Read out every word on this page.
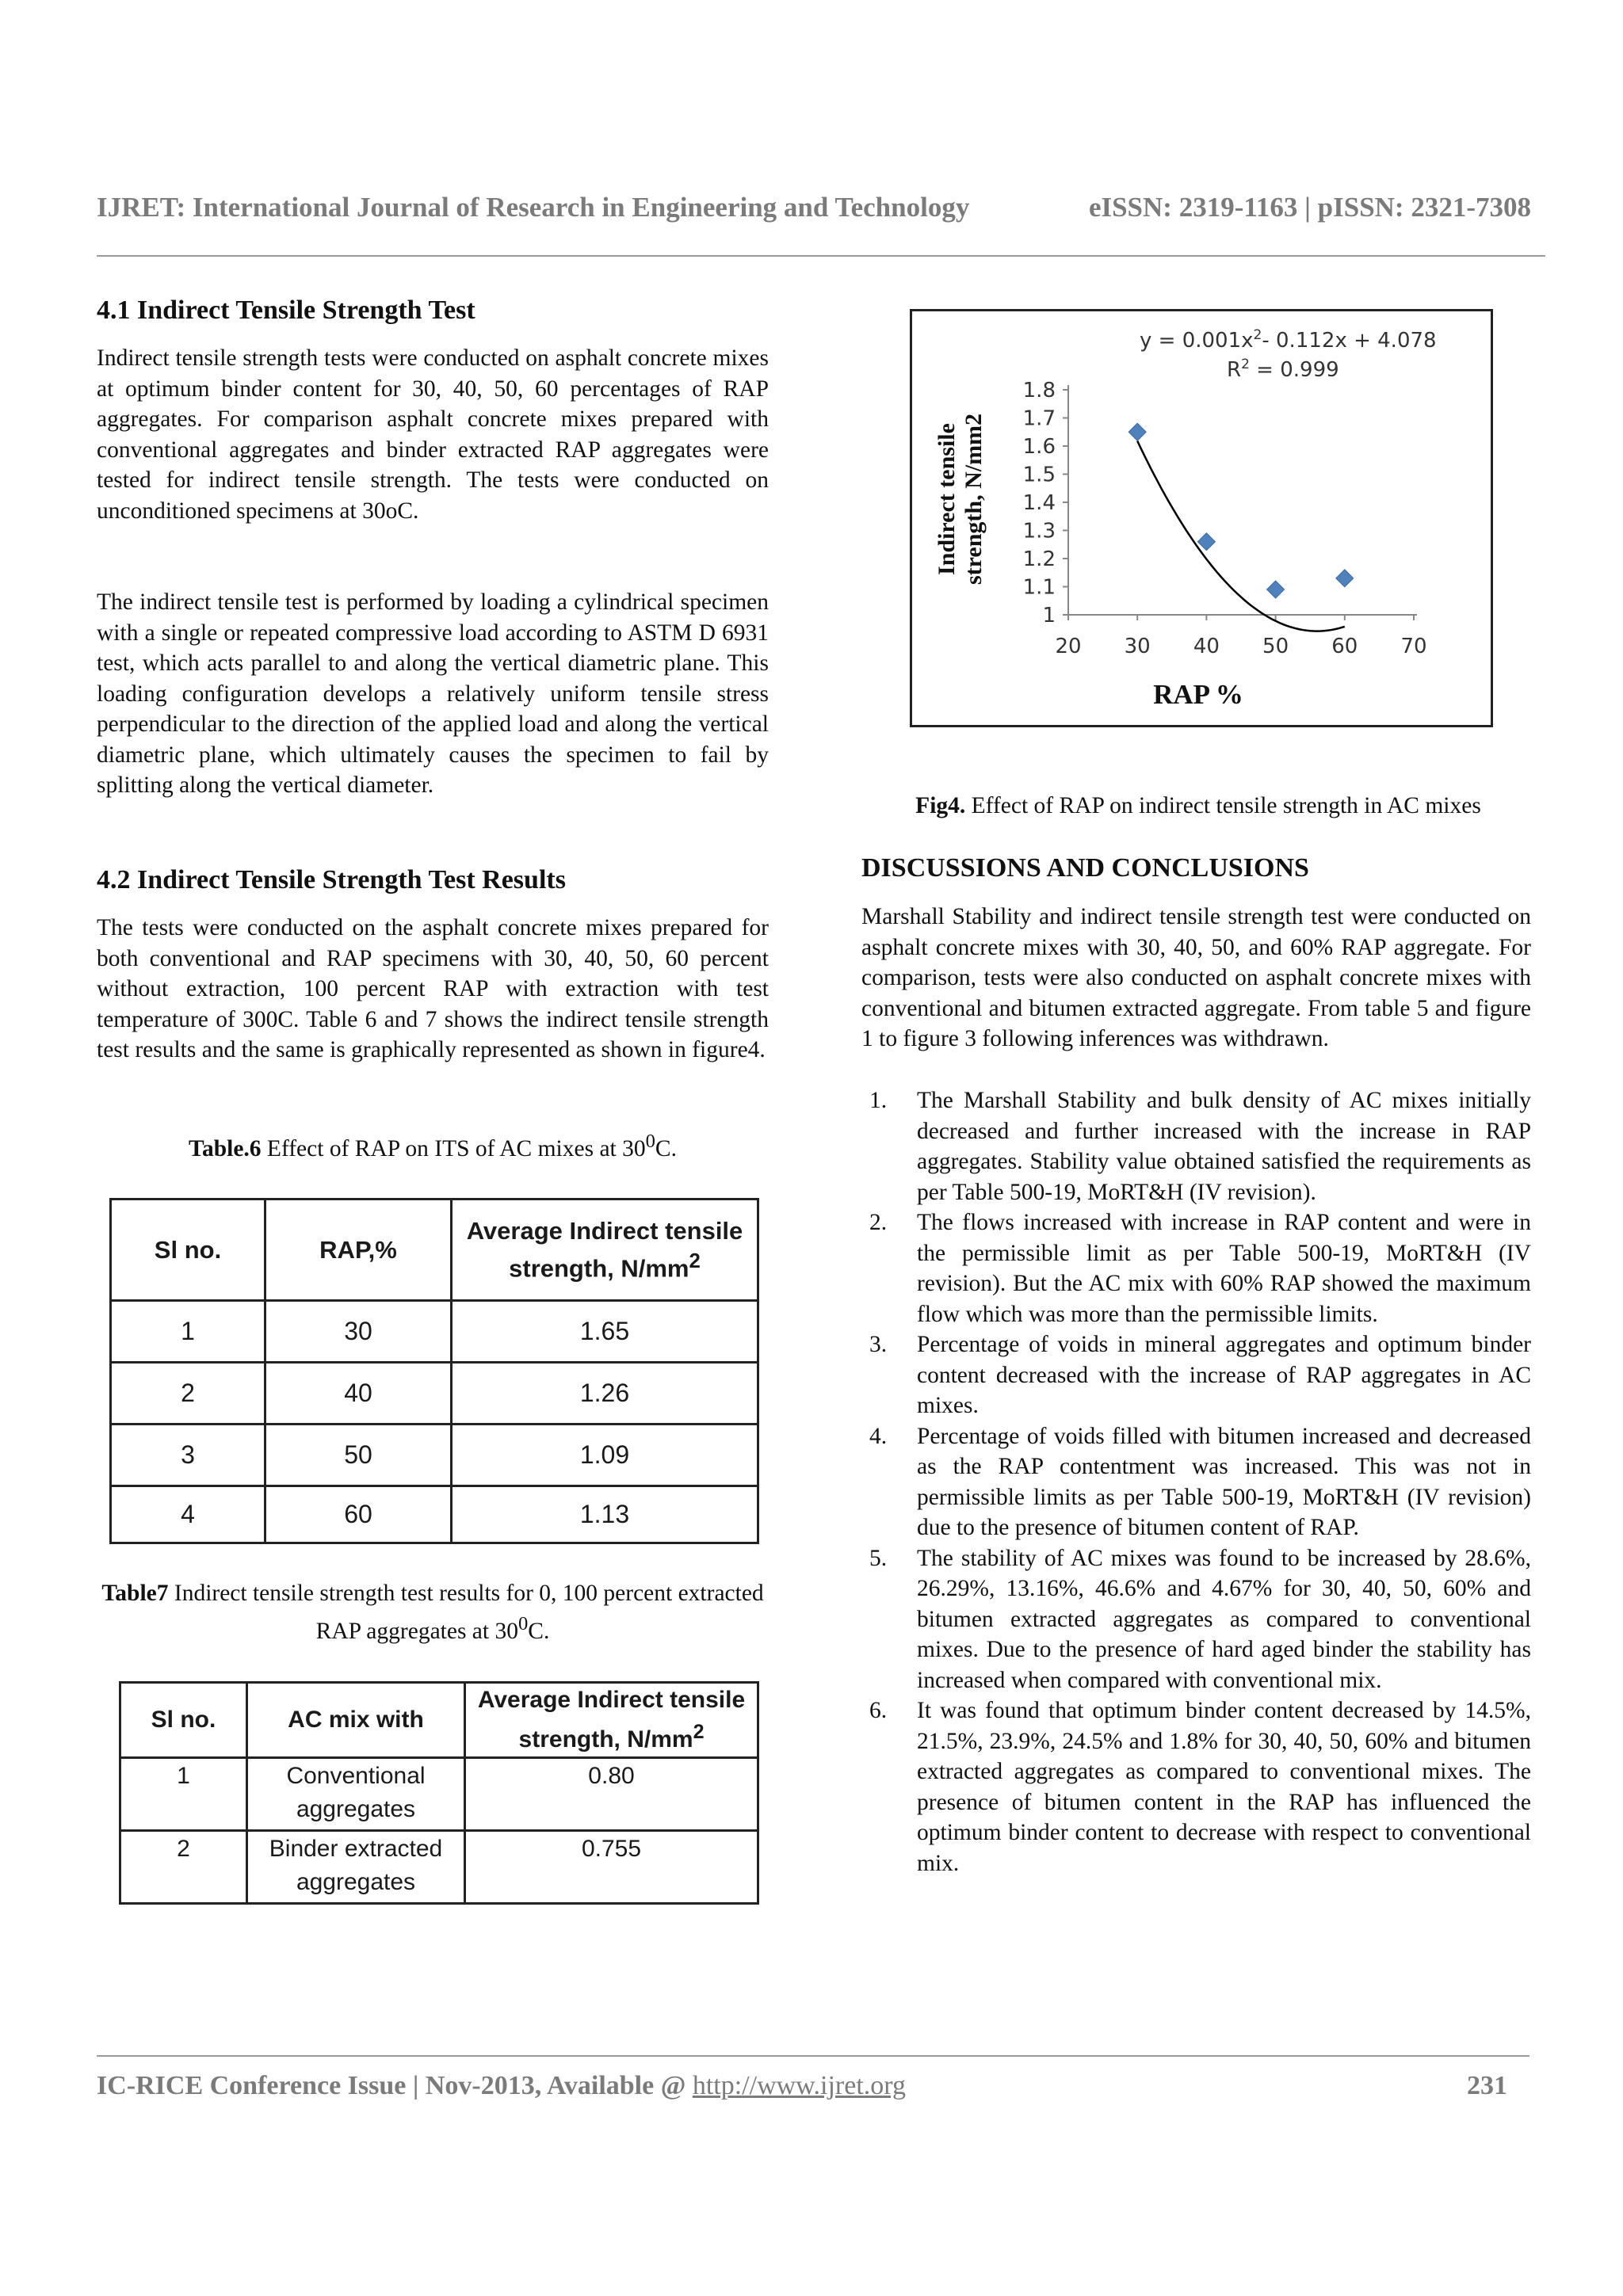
IJRET: International Journal of Research in Engineering and Technology	eISSN: 2319-1163 | pISSN: 2321-7308
4.1 Indirect Tensile Strength Test
Indirect tensile strength tests were conducted on asphalt concrete mixes at optimum binder content for 30, 40, 50, 60 percentages of RAP aggregates. For comparison asphalt concrete mixes prepared with conventional aggregates and binder extracted RAP aggregates were tested for indirect tensile strength. The tests were conducted on unconditioned specimens at 30oC.
The indirect tensile test is performed by loading a cylindrical specimen with a single or repeated compressive load according to ASTM D 6931 test, which acts parallel to and along the vertical diametric plane. This loading configuration develops a relatively uniform tensile stress perpendicular to the direction of the applied load and along the vertical diametric plane, which ultimately causes the specimen to fail by splitting along the vertical diameter.
4.2 Indirect Tensile Strength Test Results
The tests were conducted on the asphalt concrete mixes prepared for both conventional and RAP specimens with 30, 40, 50, 60 percent without extraction, 100 percent RAP with extraction with test temperature of 300C. Table 6 and 7 shows the indirect tensile strength test results and the same is graphically represented as shown in figure4.
Table.6 Effect of RAP on ITS of AC mixes at $30^0C$.
Sl no.	RAP,%	Average Indirect tensile strength, $N/mm^2$
1	30	1.65
2	40	1.26
3	50	1.09
4	60	1.13
Table7 Indirect tensile strength test results for 0, 100 percent extracted RAP aggregates at $30^0C$.
Sl no.	AC mix with	Average Indirect tensile strength, $N/mm^2$
1	Conventional aggregates	0.80
2	Binder extracted aggregates	0.755
1
1.1
1.2
1.3
1.4
1.5
1.6
1.7
1.8
20 30 40 50 60 70
$y = 0.001x^2-$ 0.112x + 4.078
$R^2 = 0.999$
RAP %
Indirect tensilestrength, N/mm2
Fig4. Effect of RAP on indirect tensile strength in AC mixes
DISCUSSIONS AND CONCLUSIONS
Marshall Stability and indirect tensile strength test were conducted on asphalt concrete mixes with 30, 40, 50, and 60% RAP aggregate. For comparison, tests were also conducted on asphalt concrete mixes with conventional and bitumen extracted aggregate. From table 5 and figure 1 to figure 3 following inferences was withdrawn.
1. The Marshall Stability and bulk density of AC mixes initially decreased and further increased with the increase in RAP aggregates. Stability value obtained satisfied the requirements as per Table 500-19, MoRT&H (IV revision).
2. The flows increased with increase in RAP content and were in the permissible limit as per Table 500-19, MoRT&H (IV revision). But the AC mix with 60% RAP showed the maximum flow which was more than the permissible limits.
3. Percentage of voids in mineral aggregates and optimum binder content decreased with the increase of RAP aggregates in AC mixes.
4. Percentage of voids filled with bitumen increased and decreased as the RAP contentment was increased. This was not in permissible limits as per Table 500-19, MoRT&H (IV revision) due to the presence of bitumen content of RAP.
5. The stability of AC mixes was found to be increased by 28.6%, 26.29%, 13.16%, 46.6% and 4.67% for 30, 40, 50, 60% and bitumen extracted aggregates as compared to conventional mixes. Due to the presence of hard aged binder the stability has increased when compared with conventional mix.
6. It was found that optimum binder content decreased by 14.5%, 21.5%, 23.9%, 24.5% and 1.8% for 30, 40, 50, 60% and bitumen extracted aggregates as compared to conventional mixes. The presence of bitumen content in the RAP has influenced the optimum binder content to decrease with respect to conventional mix.
IC-RICE Conference Issue | Nov-2013, Available @ http://www.ijret.org	231
